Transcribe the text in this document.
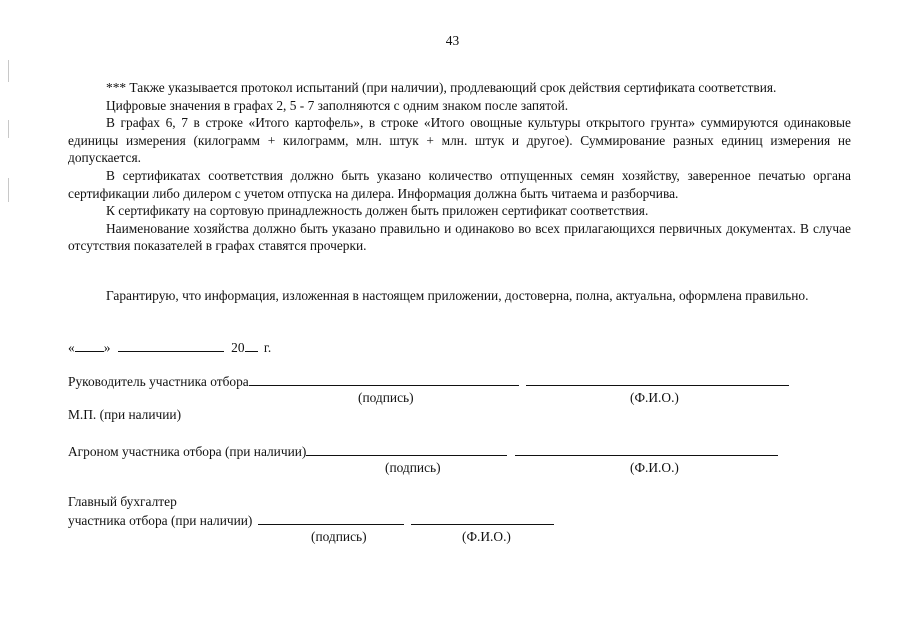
43

*** Также указывается протокол испытаний (при наличии), продлевающий срок действия сертификата соответствия.

Цифровые значения в графах 2, 5 - 7 заполняются с одним знаком после запятой.

В графах 6, 7 в строке «Итого картофель», в строке «Итого овощные культуры открытого грунта» суммируются одинаковые единицы измерения (килограмм + килограмм, млн. штук + млн. штук и другое). Суммирование разных единиц измерения не допускается.

В сертификатах соответствия должно быть указано количество отпущенных семян хозяйству, заверенное печатью органа сертификации либо дилером с учетом отпуска на дилера. Информация должна быть читаема и разборчива.

К сертификату на сортовую принадлежность должен быть приложен сертификат соответствия.

Наименование хозяйства должно быть указано правильно и одинаково во всех прилагающихся первичных документах. В случае отсутствия показателей в графах ставятся прочерки.

Гарантирую, что информация, изложенная в настоящем приложении, достоверна, полна, актуальна, оформлена правильно.

« »	20 г.
Руководитель участника отбора
(подпись)	(Ф.И.О.)
М.П. (при наличии)
Агроном участника отбора (при наличии)
(подпись)	(Ф.И.О.)
Главный бухгалтер
участника отбора (при наличии)
(подпись)	(Ф.И.О.)
